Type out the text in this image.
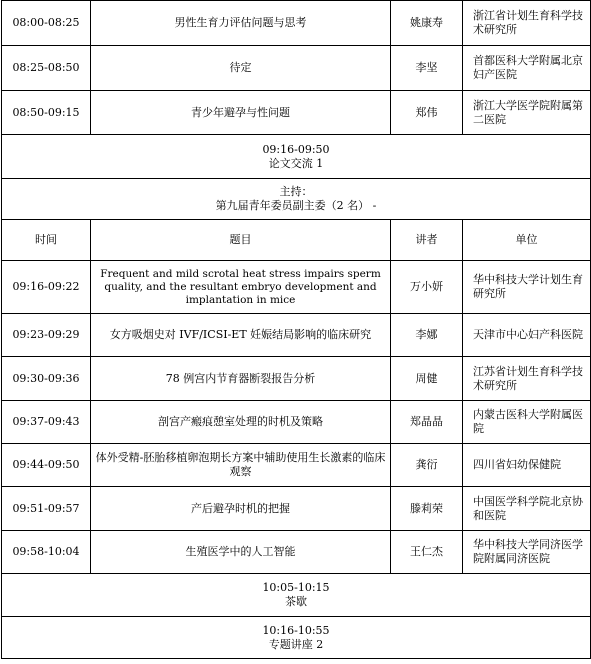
08:00-08:25	男性生育力评估问题与思考	姚康寿	浙江省计划生育科学技术研究所
08:25-08:50	待定	李坚	首都医科大学附属北京妇产医院
08:50-09:15	青少年避孕与性问题	郑伟	浙江大学医学院附属第二医院

09:16-09:50
论文交流 1			

主持：
第九届青年委员副主委（2 名） -			

时间	题目	讲者	单位
09:16-09:22	Frequent and mild scrotal heat stress impairs sperm quality, and the resultant embryo development and implantation in mice	万小妍	华中科技大学计划生育研究所
09:23-09:29	女方吸烟史对 IVF/ICSI-ET 妊娠结局影响的临床研究	李娜	天津市中心妇产科医院
09:30-09:36	78 例宫内节育器断裂报告分析	周健	江苏省计划生育科学技术研究所
09:37-09:43	剖宫产瘢痕憩室处理的时机及策略	郑晶晶	内蒙古医科大学附属医院
09:44-09:50	体外受精-胚胎移植卵泡期长方案中辅助使用生长激素的临床观察	龚衍	四川省妇幼保健院
09:51-09:57	产后避孕时机的把握	滕莉荣	中国医学科学院北京协和医院
09:58-10:04	生殖医学中的人工智能	王仁杰	华中科技大学同济医学院附属同济医院

10:05-10:15
茶歇			

10:16-10:55
专题讲座 2			
